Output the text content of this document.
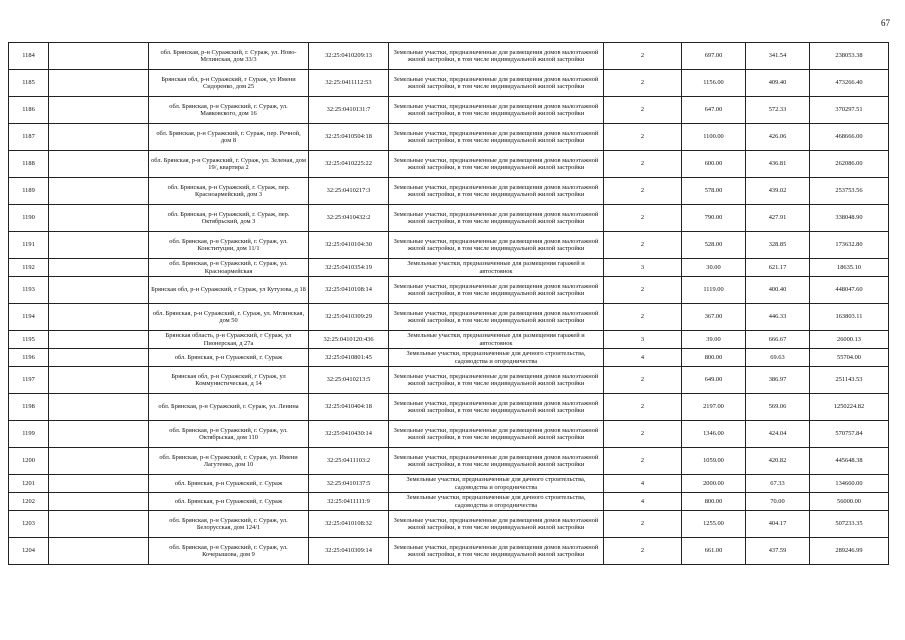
67
1184		обл. Брянская, р-н Суражский, г. Сураж, ул. Ново-Мглинская, дом 33/3	32:25:0410209:13	Земельные участки, предназначенные для размещения домов малоэтажной жилой застройки, в том числе индивидуальной жилой застройки	2	697.00	341.54	238053.38
1185		Брянская обл, р-н Суражский, г Сураж, ул Имени Сидоренко, дом 25	32:25:0411112:53	Земельные участки, предназначенные для размещения домов малоэтажной жилой застройки, в том числе индивидуальной жилой застройки	2	1156.00	409.40	473266.40
1186		обл. Брянская, р-н Суражский, г. Сураж, ул. Маяковского, дом 16	32:25:0410131:7	Земельные участки, предназначенные для размещения домов малоэтажной жилой застройки, в том числе индивидуальной жилой застройки	2	647.00	572.33	370297.51
1187		обл. Брянская, р-н Суражский, г. Сураж, пер. Речной, дом 8	32:25:0410504:18	Земельные участки, предназначенные для размещения домов малоэтажной жилой застройки, в том числе индивидуальной жилой застройки	2	1100.00	426.06	468666.00
1188		обл. Брянская, р-н Суражский, г. Сураж, ул. Зеленая, дом 19/, квартира 2	32:25:0410225:22	Земельные участки, предназначенные для размещения домов малоэтажной жилой застройки, в том числе индивидуальной жилой застройки	2	600.00	436.81	262086.00
1189		обл. Брянская, р-н Суражский, г. Сураж, пер. Красноармейский, дом 3	32:25:0410217:3	Земельные участки, предназначенные для размещения домов малоэтажной жилой застройки, в том числе индивидуальной жилой застройки	2	578.00	439.02	253753.56
1190		обл. Брянская, р-н Суражский, г. Сураж, пер. Октябрьский, дом 3	32:25:0410432:2	Земельные участки, предназначенные для размещения домов малоэтажной жилой застройки, в том числе индивидуальной жилой застройки	2	790.00	427.91	338048.90
1191		обл. Брянская, р-н Суражский, г. Сураж, ул. Конституции, дом 11/1	32:25:0410104:30	Земельные участки, предназначенные для размещения домов малоэтажной жилой застройки, в том числе индивидуальной жилой застройки	2	528.00	328.85	173632.80
1192		обл. Брянская, р-н Суражский, г. Сураж, ул. Красноармейская	32:25:0410354:19	Земельные участки, предназначенные для размещения гаражей и автостоянок	3	30.00	621.17	18635.10
1193		Брянская обл, р-н Суражский, г Сураж, ул Кутузова, д 18	32:25:0410108:14	Земельные участки, предназначенные для размещения домов малоэтажной жилой застройки, в том числе индивидуальной жилой застройки	2	1119.00	400.40	448047.60
1194		обл. Брянская, р-н Суражский, г. Сураж, ул. Мглинская, дом 50	32:25:0410309:29	Земельные участки, предназначенные для размещения домов малоэтажной жилой застройки, в том числе индивидуальной жилой застройки	2	367.00	446.33	163803.11
1195		Брянская область, р-н Суражский, г Сураж, ул Пионерская, д 27а	32:25:0410120:436	Земельные участки, предназначенные для размещения гаражей и автостоянок	3	39.00	666.67	26000.13
1196		обл. Брянская, р-н Суражский, г. Сураж	32:25:0410801:45	Земельные участки, предназначенные для дачного строительства, садоводства и огородничества	4	800.00	69.63	55704.00
1197		Брянская обл, р-н Суражский, г Сураж, ул Коммунистическая, д 14	32:25:0410213:5	Земельные участки, предназначенные для размещения домов малоэтажной жилой застройки, в том числе индивидуальной жилой застройки	2	649.00	386.97	251143.53
1198		обл. Брянская, р-н Суражский, г. Сураж, ул. Ленина	32:25:0410404:18	Земельные участки, предназначенные для размещения домов малоэтажной жилой застройки, в том числе индивидуальной жилой застройки	2	2197.00	569.06	1250224.82
1199		обл. Брянская, р-н Суражский, г. Сураж, ул. Октябрьская, дом 110	32:25:0410430:14	Земельные участки, предназначенные для размещения домов малоэтажной жилой застройки, в том числе индивидуальной жилой застройки	2	1346.00	424.04	570757.84
1200		обл. Брянская, р-н Суражский, г. Сураж, ул. Имени Лагутенко, дом 10	32:25:0411103:2	Земельные участки, предназначенные для размещения домов малоэтажной жилой застройки, в том числе индивидуальной жилой застройки	2	1059.00	420.82	445648.38
1201		обл. Брянская, р-н Суражский, г. Сураж	32:25:0410137:5	Земельные участки, предназначенные для дачного строительства, садоводства и огородничества	4	2000.00	67.33	134660.00
1202		обл. Брянская, р-н Суражский, г. Сураж	32:25:0411111:9	Земельные участки, предназначенные для дачного строительства, садоводства и огородничества	4	800.00	70.00	56000.00
1203		обл. Брянская, р-н Суражский, г. Сураж, ул. Белорусская, дом 124/1	32:25:0410108:32	Земельные участки, предназначенные для размещения домов малоэтажной жилой застройки, в том числе индивидуальной жилой застройки	2	1255.00	404.17	507233.35
1204		обл. Брянская, р-н Суражский, г. Сураж, ул. Кочерышова, дом 9	32:25:0410309:14	Земельные участки, предназначенные для размещения домов малоэтажной жилой застройки, в том числе индивидуальной жилой застройки	2	661.00	437.59	289246.99
